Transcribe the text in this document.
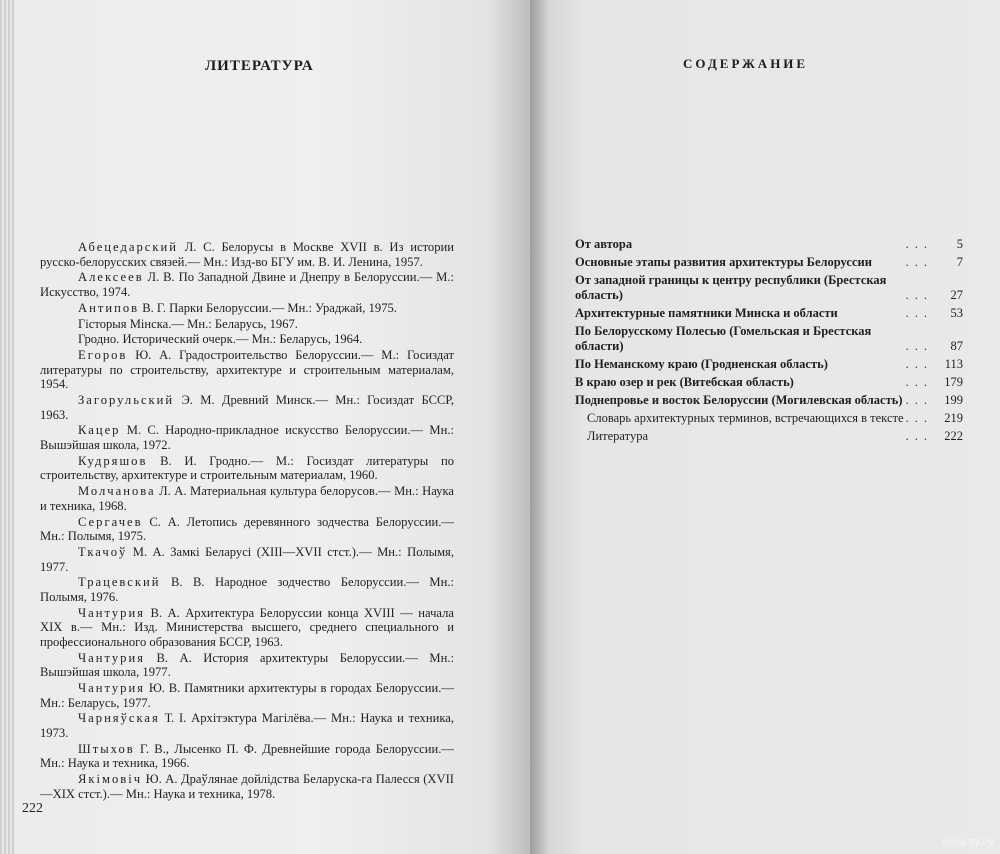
ЛИТЕРАТУРА

Абецедарский Л. С. Белорусы в Москве XVII в. Из истории русско-белорусских связей.— Мн.: Изд-во БГУ им. В. И. Ленина, 1957.

Алексеев Л. В. По Западной Двине и Днепру в Белоруссии.— М.: Искусство, 1974.

Антипов В. Г. Парки Белоруссии.— Мн.: Ураджай, 1975.

Гісторыя Мінска.— Мн.: Беларусь, 1967.

Гродно. Исторический очерк.— Мн.: Беларусь, 1964.

Егоров Ю. А. Градостроительство Белоруссии.— М.: Госиздат литературы по строительству, архитектуре и строительным материалам, 1954.

Загорульский Э. М. Древний Минск.— Мн.: Госиздат БССР, 1963.

Кацер М. С. Народно-прикладное искусство Белоруссии.— Мн.: Вышэйшая школа, 1972.

Кудряшов В. И. Гродно.— М.: Госиздат литературы по строительству, архитектуре и строительным материалам, 1960.

Молчанова Л. А. Материальная культура белорусов.— Мн.: Наука и техника, 1968.

Сергачев С. А. Летопись деревянного зодчества Белоруссии.— Мн.: Полымя, 1975.

Ткачоў М. А. Замкі Беларусі (XIII—XVII стст.).— Мн.: Полымя, 1977.

Трацевский В. В. Народное зодчество Белоруссии.— Мн.: Полымя, 1976.

Чантурия В. А. Архитектура Белоруссии конца XVIII — начала XIX в.— Мн.: Изд. Министерства высшего, среднего специального и профессионального образования БССР, 1963.

Чантурия В. А. История архитектуры Белоруссии.— Мн.: Вышэйшая школа, 1977.

Чантурия Ю. В. Памятники архитектуры в городах Белоруссии.— Мн.: Беларусь, 1977.

Чарняўская Т. І. Архітэктура Магілёва.— Мн.: Наука и техника, 1973.

Штыхов Г. В., Лысенко П. Ф. Древнейшие города Белоруссии.— Мн.: Наука и техника, 1966.

Якімовіч Ю. А. Драўлянае дойлідства Беларуска-га Палесся (XVII—XIX стст.).— Мн.: Наука и техника, 1978.

222
СОДЕРЖАНИЕ
От автора	...	5
Основные этапы развития архитектуры Белоруссии	...	7
От западной границы к центру республики (Брестская область)	...	27
Архитектурные памятники Минска и области	...	53
По Белорусскому Полесью (Гомельская и Брестская области)	...	87
По Неманскому краю (Гродненская область)	... 113
В краю озер и рек (Витебская область)	... 179
Поднепровье и восток Белоруссии (Могилевская область) ... 199
Словарь архитектурных терминов, встречающихся в тексте ... 219
Литература	... 222
www.ay.by
